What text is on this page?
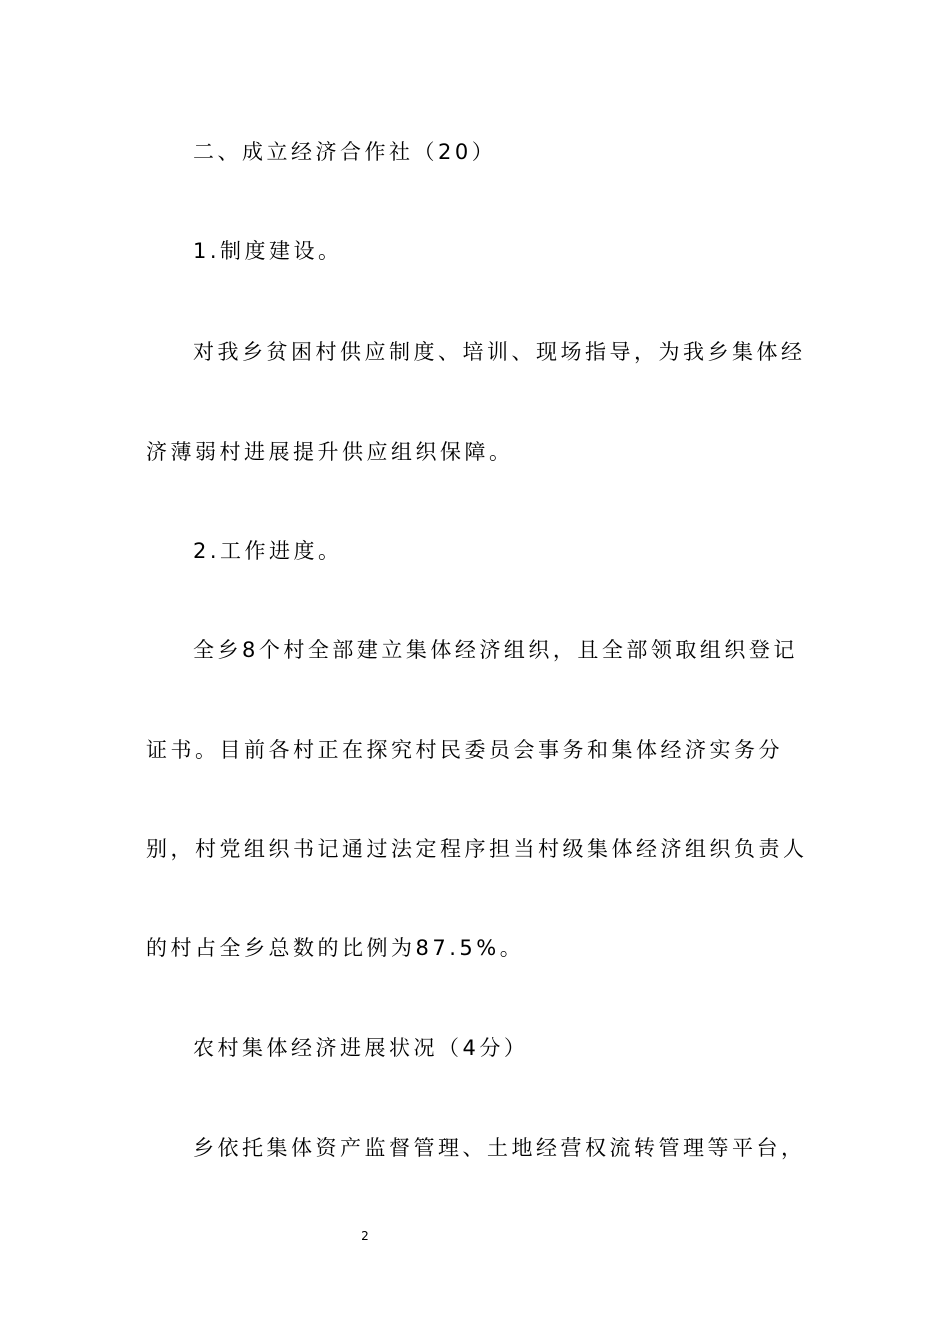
二、成立经济合作社（20）
1.制度建设。
对我乡贫困村供应制度、培训、现场指导，为我乡集体经
济薄弱村进展提升供应组织保障。
2.工作进度。
全乡8个村全部建立集体经济组织，且全部领取组织登记
证书。目前各村正在探究村民委员会事务和集体经济实务分
别，村党组织书记通过法定程序担当村级集体经济组织负责人
的村占全乡总数的比例为87.5%。
农村集体经济进展状况（4分）
乡依托集体资产监督管理、土地经营权流转管理等平台，
2
